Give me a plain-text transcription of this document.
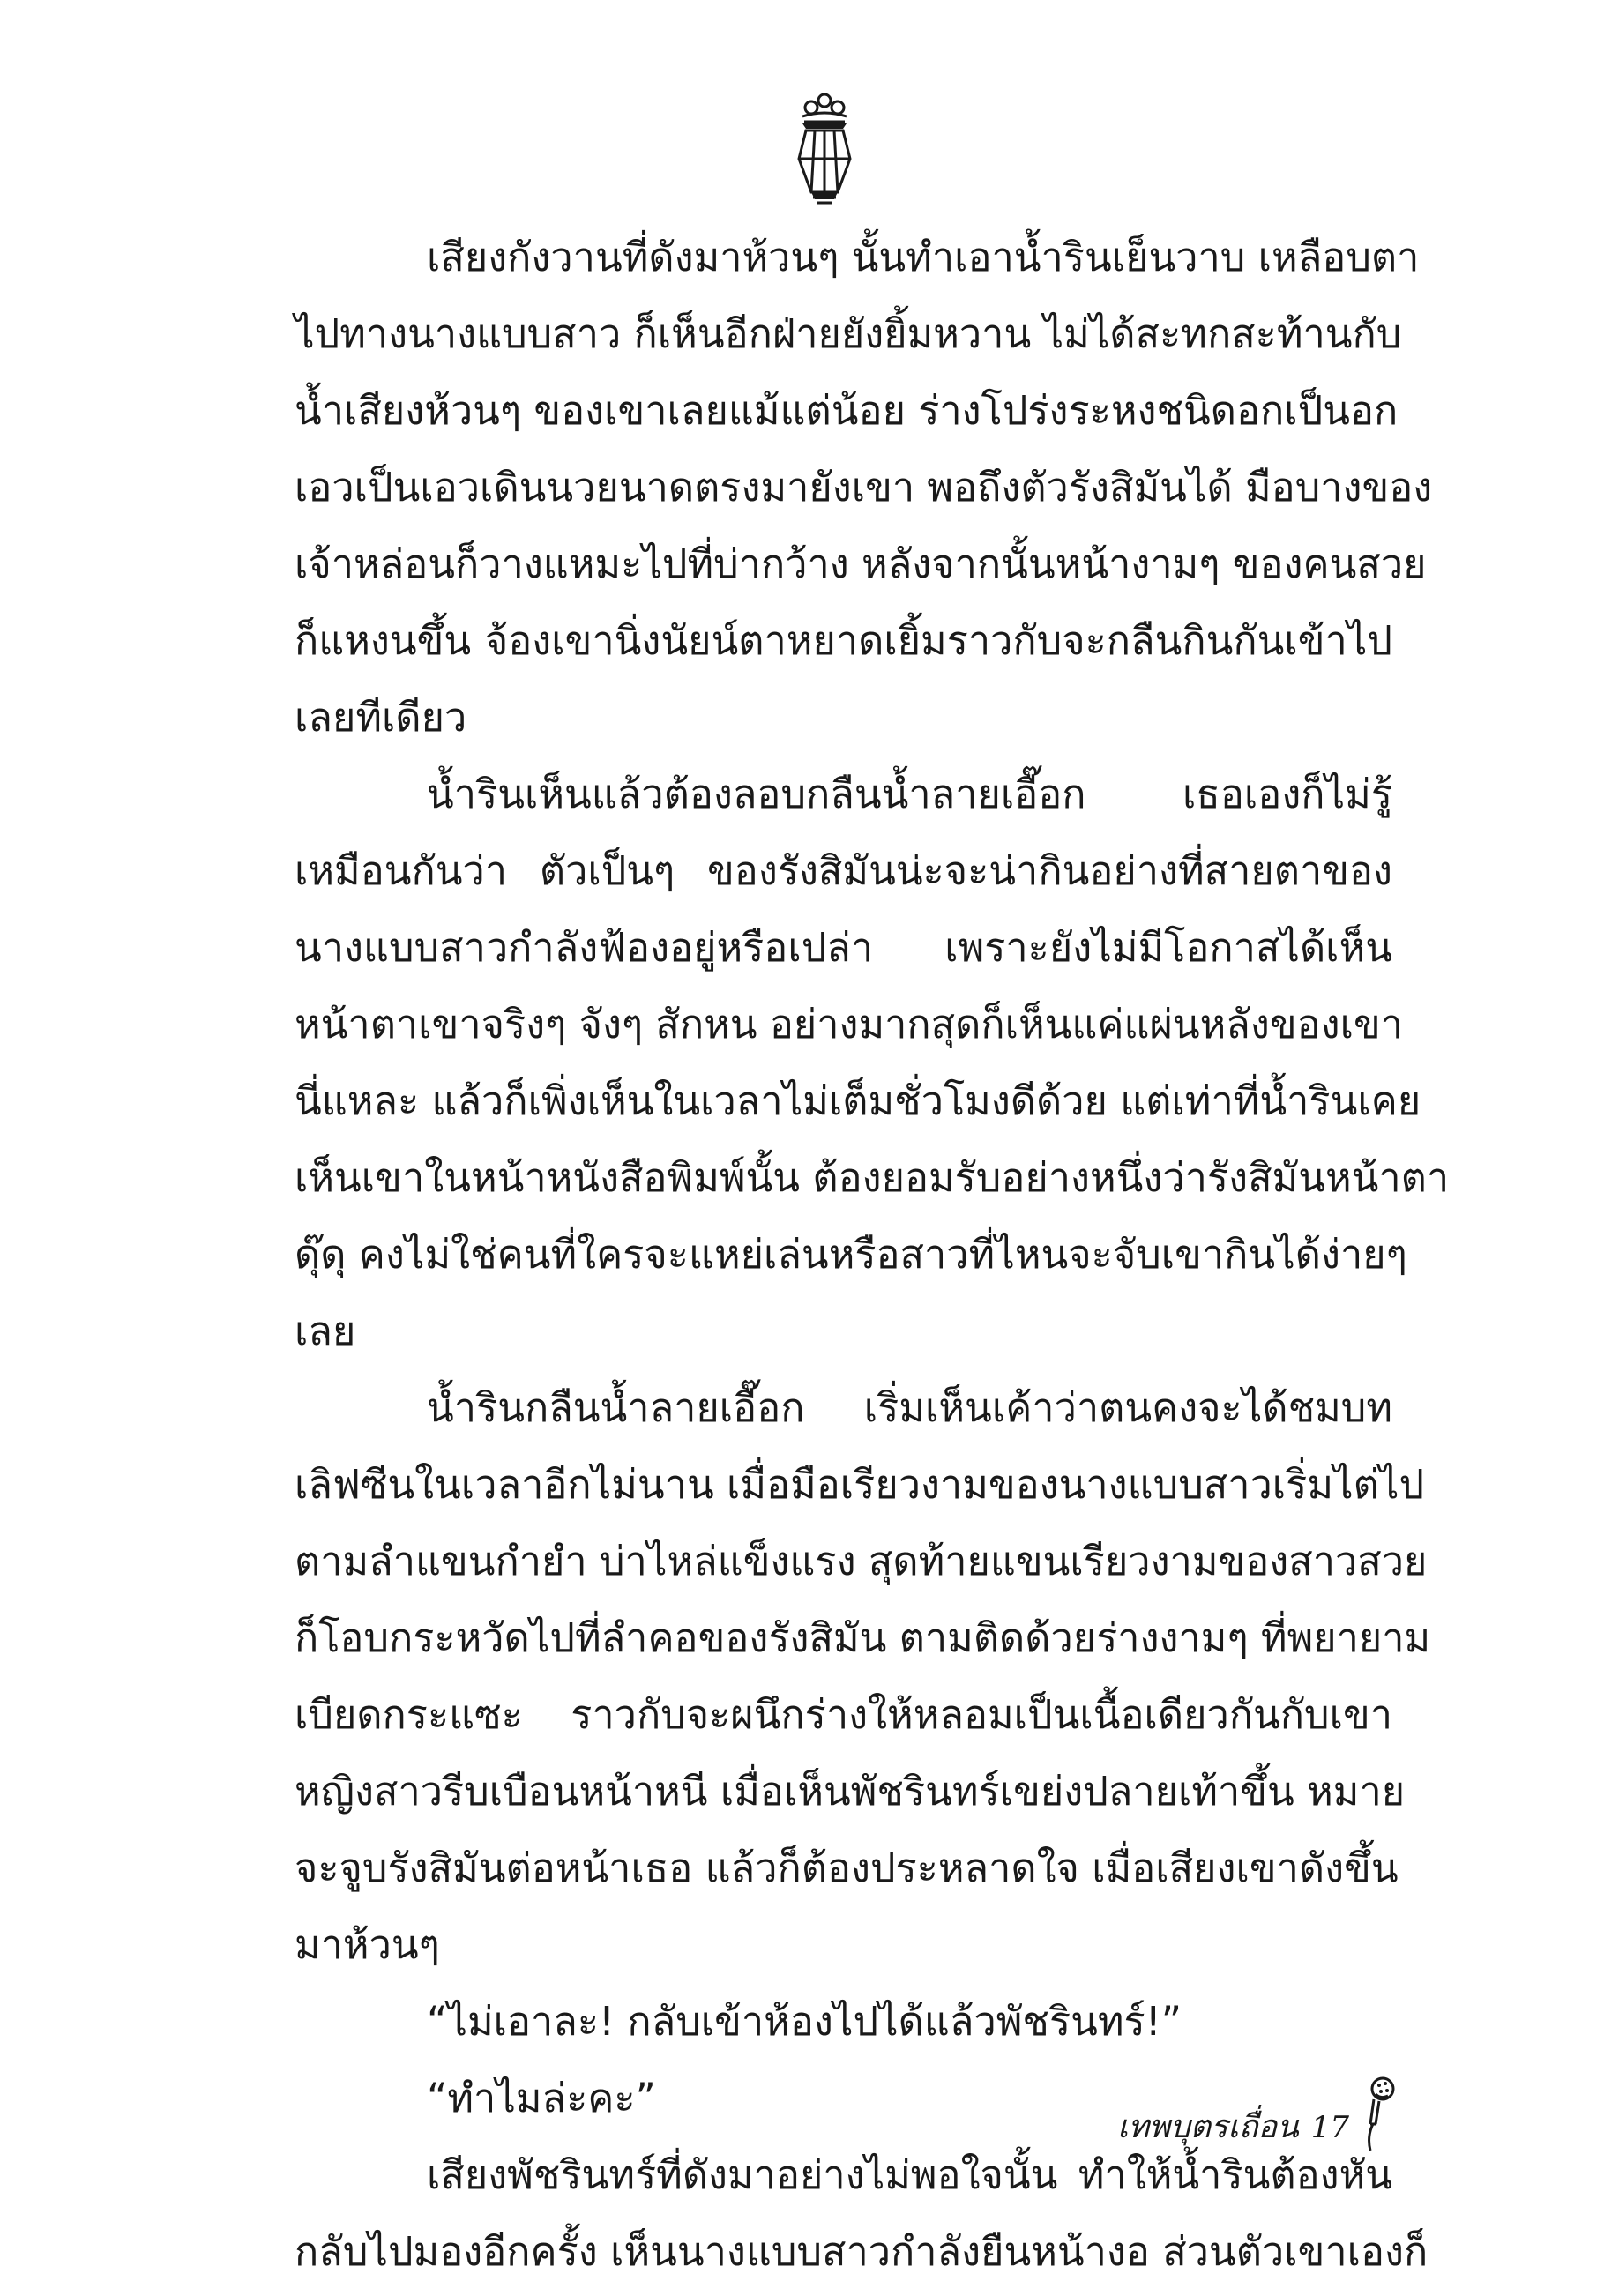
เสียงกังวานที่ดังมาห้วนๆ นั้นทำเอาน้ำรินเย็นวาบ เหลือบตา
ไปทางนางแบบสาว ก็เห็นอีกฝ่ายยังยิ้มหวาน ไม่ได้สะทกสะท้านกับ
น้ำเสียงห้วนๆ ของเขาเลยแม้แต่น้อย ร่างโปร่งระหงชนิดอกเป็นอก
เอวเป็นเอวเดินนวยนาดตรงมายังเขา พอถึงตัวรังสิมันได้ มือบางของ
เจ้าหล่อนก็วางแหมะไปที่บ่ากว้าง หลังจากนั้นหน้างามๆ ของคนสวย
ก็แหงนขึ้น จ้องเขานิ่งนัยน์ตาหยาดเยิ้มราวกับจะกลืนกินกันเข้าไป
เลยทีเดียว
น้ำรินเห็นแล้วต้องลอบกลืนน้ำลายเอื๊อก เธอเองก็ไม่รู้
เหมือนกันว่า ตัวเป็นๆ ของรังสิมันน่ะจะน่ากินอย่างที่สายตาของ
นางแบบสาวกำลังฟ้องอยู่หรือเปล่า เพราะยังไม่มีโอกาสได้เห็น
หน้าตาเขาจริงๆ จังๆ สักหน อย่างมากสุดก็เห็นแค่แผ่นหลังของเขา
นี่แหละ แล้วก็เพิ่งเห็นในเวลาไม่เต็มชั่วโมงดีด้วย แต่เท่าที่น้ำรินเคย
เห็นเขาในหน้าหนังสือพิมพ์นั้น ต้องยอมรับอย่างหนึ่งว่ารังสิมันหน้าตา
ดุ๊ดุ คงไม่ใช่คนที่ใครจะแหย่เล่นหรือสาวที่ไหนจะจับเขากินได้ง่ายๆ
เลย
น้ำรินกลืนน้ำลายเอื๊อก เริ่มเห็นเค้าว่าตนคงจะได้ชมบท
เลิฟซีนในเวลาอีกไม่นาน เมื่อมือเรียวงามของนางแบบสาวเริ่มไต่ไป
ตามลำแขนกำยำ บ่าไหล่แข็งแรง สุดท้ายแขนเรียวงามของสาวสวย
ก็โอบกระหวัดไปที่ลำคอของรังสิมัน ตามติดด้วยร่างงามๆ ที่พยายาม
เบียดกระแซะ ราวกับจะผนึกร่างให้หลอมเป็นเนื้อเดียวกันกับเขา
หญิงสาวรีบเบือนหน้าหนี เมื่อเห็นพัชรินทร์เขย่งปลายเท้าขึ้น หมาย
จะจูบรังสิมันต่อหน้าเธอ แล้วก็ต้องประหลาดใจ เมื่อเสียงเขาดังขึ้น
มาห้วนๆ
“ไม่เอาละ! กลับเข้าห้องไปได้แล้วพัชรินทร์!”
“ทำไมล่ะคะ”
เสียงพัชรินทร์ที่ดังมาอย่างไม่พอใจนั้น ทำให้น้ำรินต้องหัน
กลับไปมองอีกครั้ง เห็นนางแบบสาวกำลังยืนหน้างอ ส่วนตัวเขาเองก็
เทพบุตรเถื่อน 17
